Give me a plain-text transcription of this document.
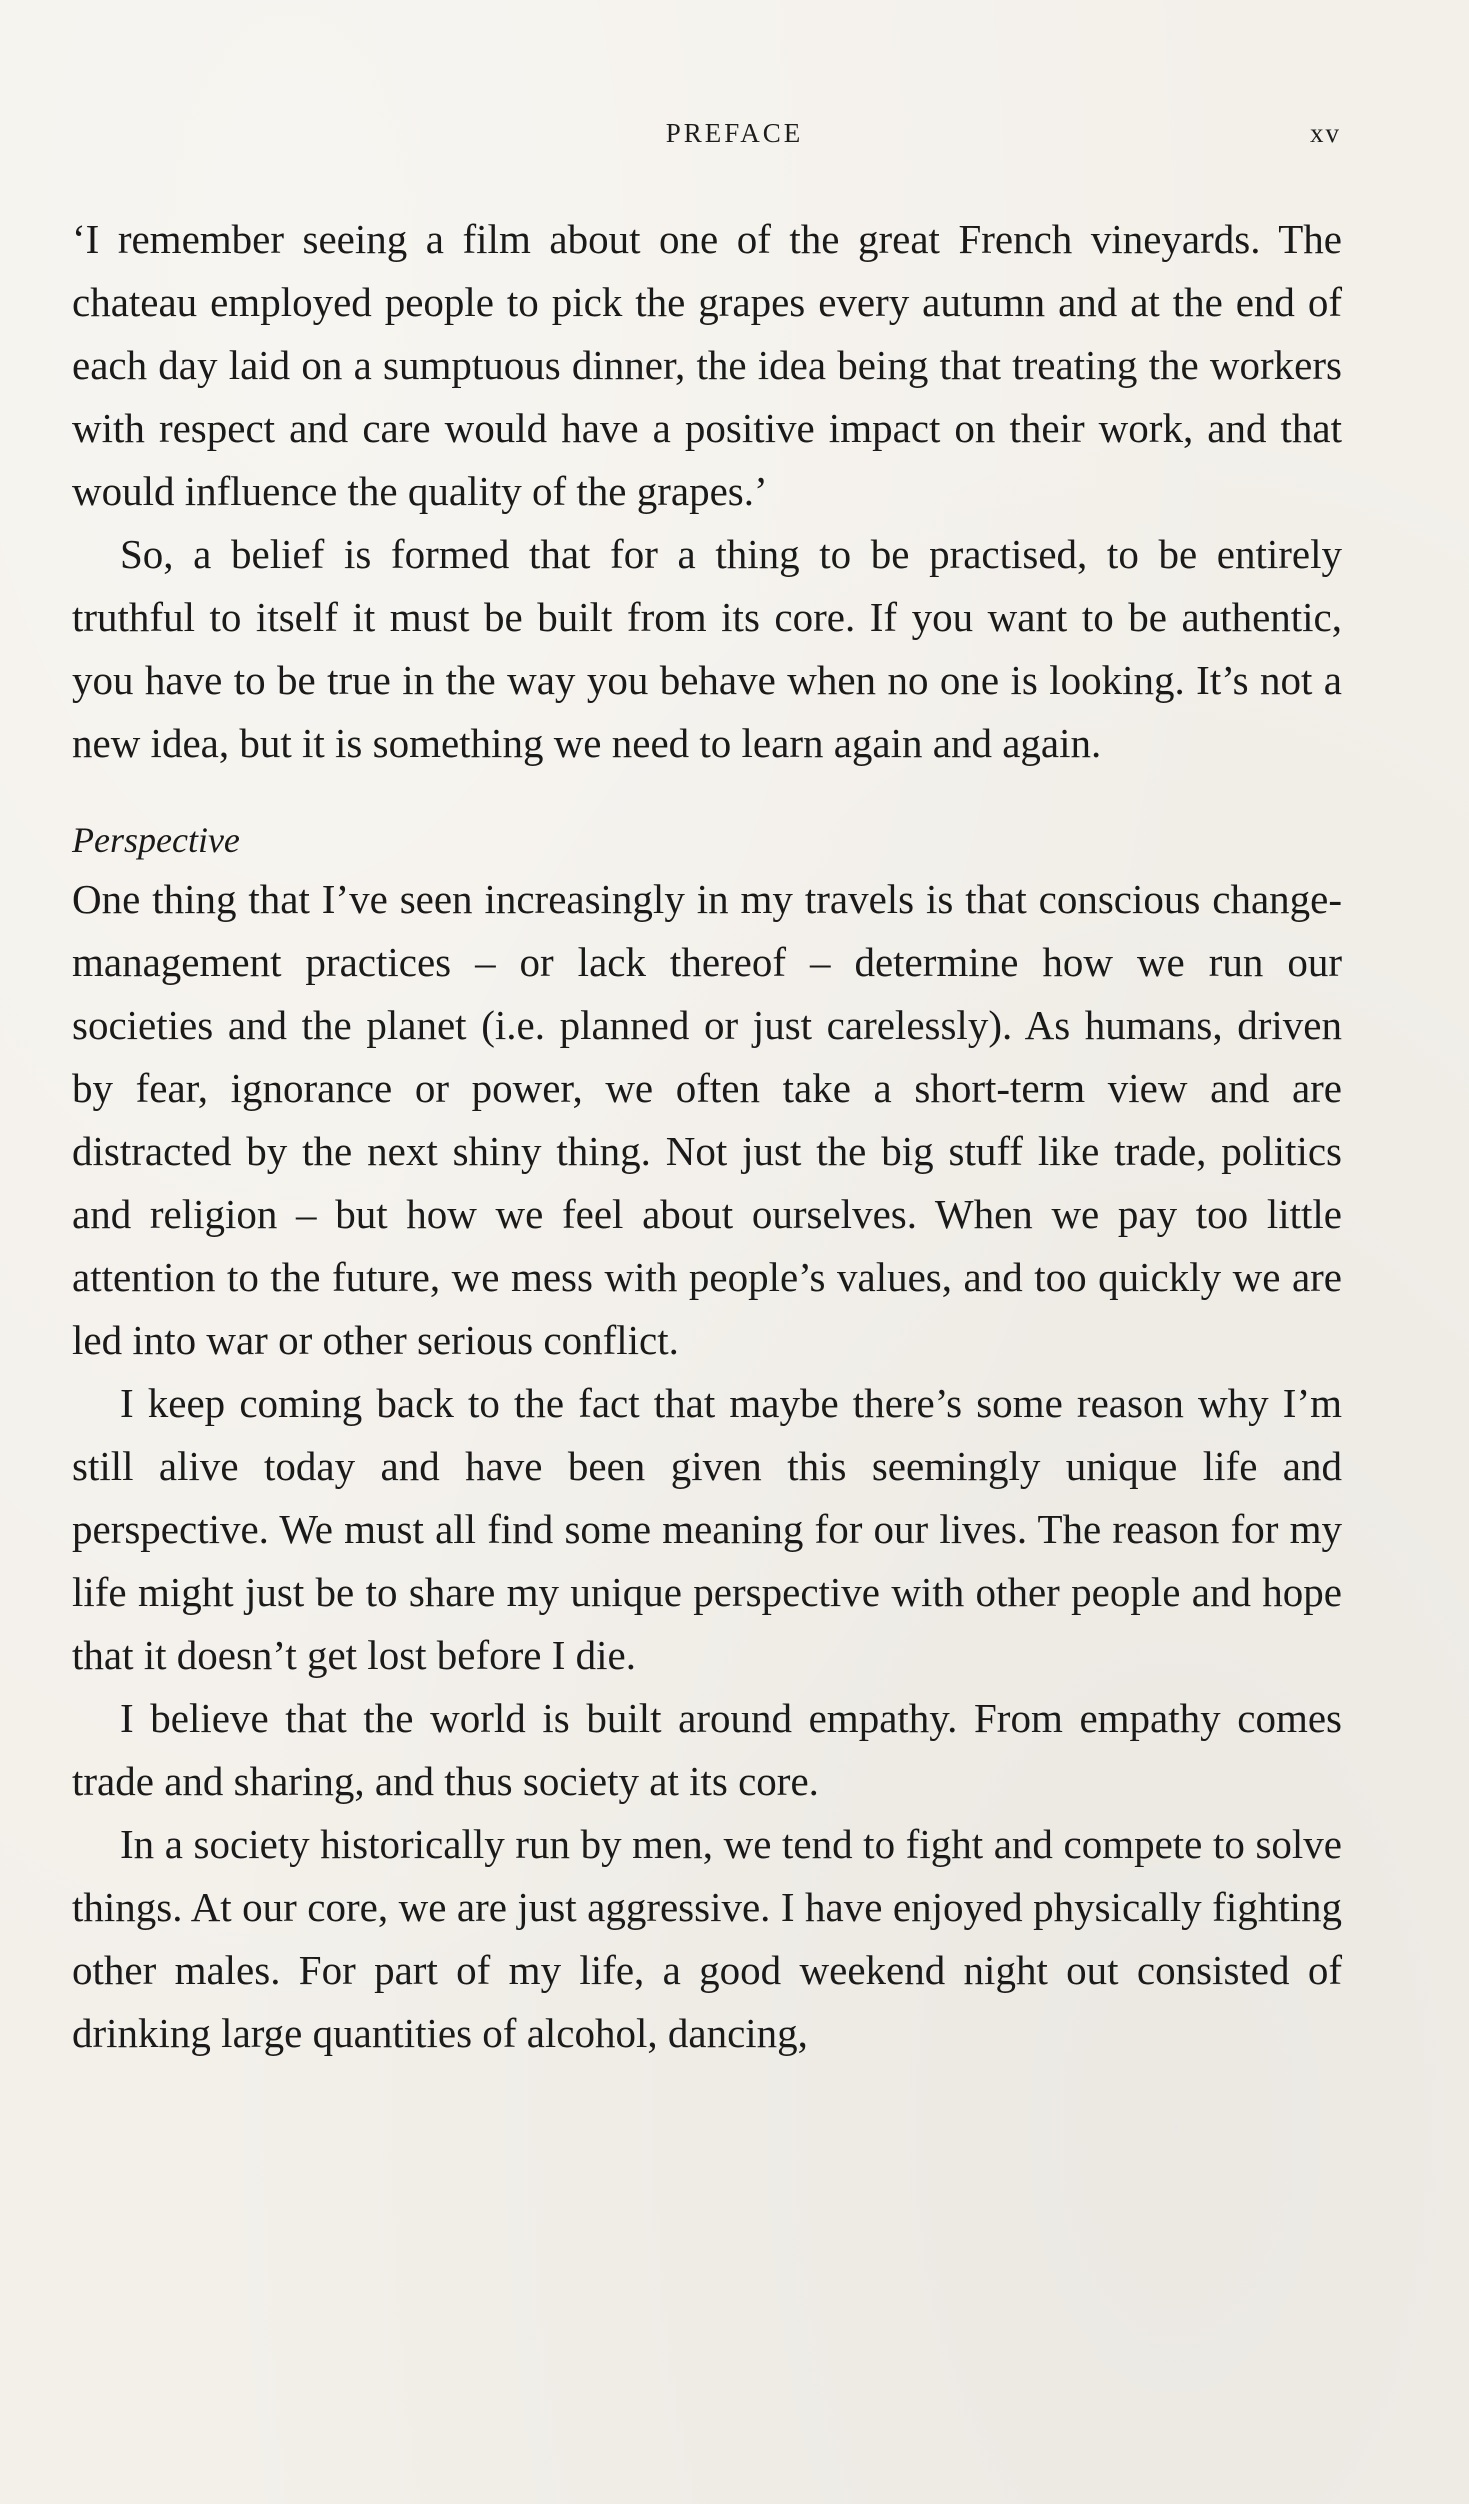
PREFACE	xv

‘I remember seeing a film about one of the great French vineyards. The chateau employed people to pick the grapes every autumn and at the end of each day laid on a sumptuous dinner, the idea being that treating the workers with respect and care would have a positive impact on their work, and that would influence the quality of the grapes.’

So, a belief is formed that for a thing to be practised, to be entirely truthful to itself it must be built from its core. If you want to be authentic, you have to be true in the way you behave when no one is looking. It’s not a new idea, but it is something we need to learn again and again.

Perspective

One thing that I’ve seen increasingly in my travels is that conscious change-management practices – or lack thereof – determine how we run our societies and the planet (i.e. planned or just carelessly). As humans, driven by fear, ignorance or power, we often take a short-term view and are distracted by the next shiny thing. Not just the big stuff like trade, politics and religion – but how we feel about ourselves. When we pay too little attention to the future, we mess with people’s values, and too quickly we are led into war or other serious conflict.

I keep coming back to the fact that maybe there’s some reason why I’m still alive today and have been given this seemingly unique life and perspective. We must all find some meaning for our lives. The reason for my life might just be to share my unique perspective with other people and hope that it doesn’t get lost before I die.

I believe that the world is built around empathy. From empathy comes trade and sharing, and thus society at its core.

In a society historically run by men, we tend to fight and compete to solve things. At our core, we are just aggressive. I have enjoyed physically fighting other males. For part of my life, a good weekend night out consisted of drinking large quantities of alcohol, dancing,
